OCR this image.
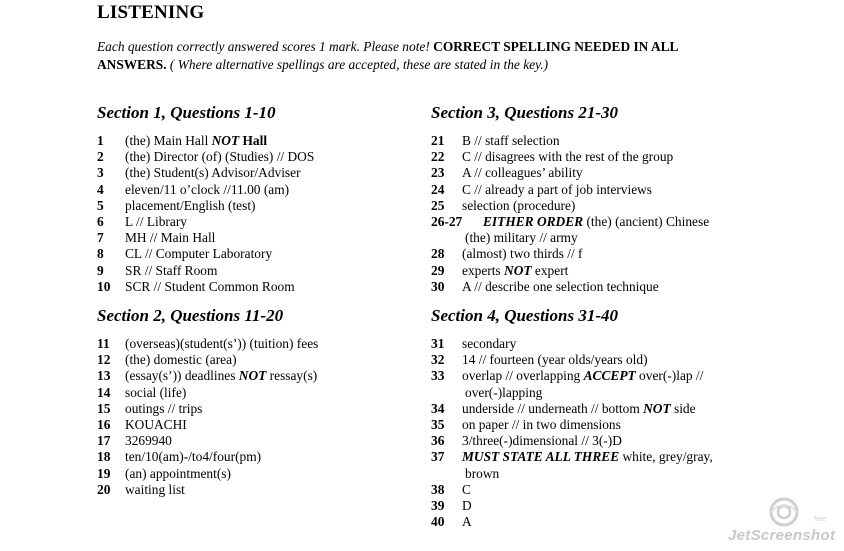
LISTENING
Each question correctly answered scores 1 mark. Please note! CORRECT SPELLING NEEDED IN ALL ANSWERS. ( Where alternative spellings are accepted, these are stated in the key.)
Section 1, Questions 1-10
1	(the) Main Hall NOT Hall
2	(the) Director (of) (Studies) // DOS
3	(the) Student(s) Advisor/Adviser
4	eleven/11 o’clock //11.00 (am)
5	placement/English (test)
6	L // Library
7	MH // Main Hall
8	CL // Computer Laboratory
9	SR // Staff Room
10	SCR // Student Common Room
Section 2, Questions 11-20
11	(overseas)(student(s’)) (tuition) fees
12	(the) domestic (area)
13	(essay(s’)) deadlines NOT ressay(s)
14	social (life)
15	outings // trips
16	KOUACHI
17	3269940
18	ten/10(am)-/to4/four(pm)
19	(an) appointment(s)
20	waiting list
Section 3, Questions 21-30
21	B // staff selection
22	C // disagrees with the rest of the group
23	A // colleagues’ ability
24	C // already a part of job interviews
25	selection (procedure)
26-27	EITHER ORDER (the) (ancient) Chinese
(the) military // army
28	(almost) two thirds // f
29	experts NOT expert
30	A // describe one selection technique
Section 4, Questions 31-40
31	secondary
32	14 // fourteen (year olds/years old)
33	overlap // overlapping ACCEPT over(-)lap //
over(-)lapping
34	underside // underneath // bottom NOT side
35	on paper // in two dimensions
36	3/three(-)dimensional // 3(-)D
37	MUST STATE ALL THREE white, grey/gray,
brown
38	C
39	D
40	A	free
JetScreenshot
